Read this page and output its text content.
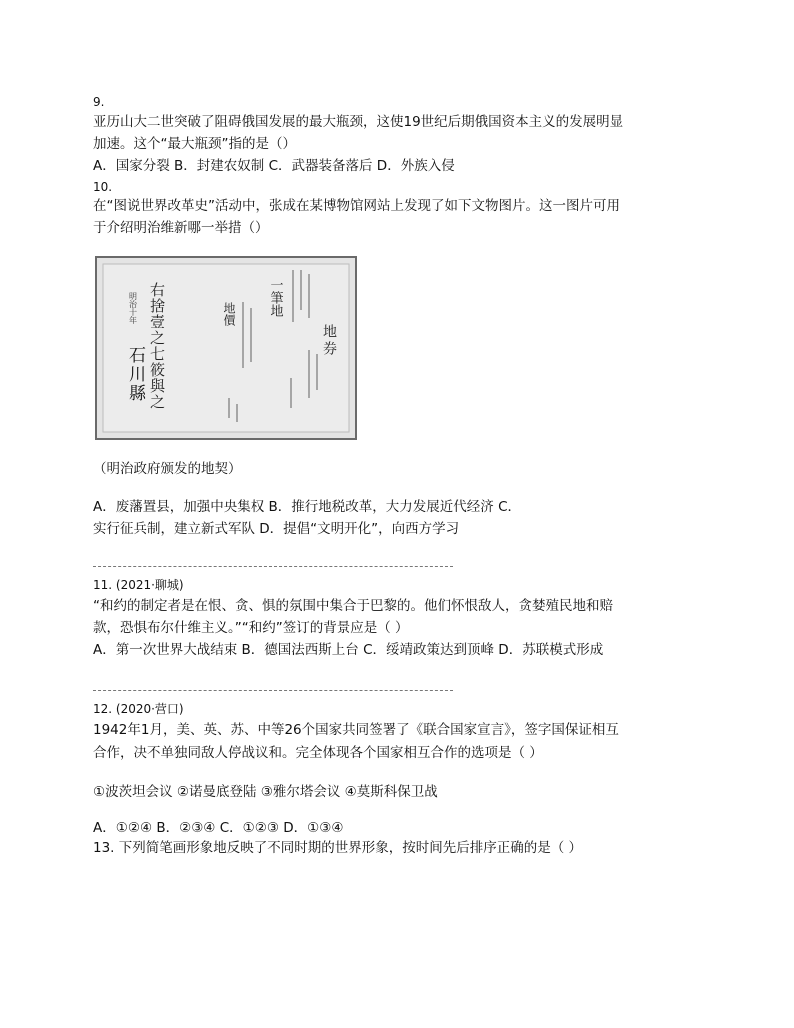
9.
亚历山大二世突破了阻碍俄国发展的最大瓶颈，这使19世纪后期俄国资本主义的发展明显
加速。这个“最大瓶颈”指的是（）
A．国家分裂 B．封建农奴制 C．武器装备落后 D．外族入侵
10.
在“图说世界改革史”活动中，张成在某博物馆网站上发现了如下文物图片。这一图片可用
于介绍明治维新哪一举措（）
右捨壹之七筱與之
明治十年
石川縣
地價 一筆地
地券
（明治政府颁发的地契）
A．废藩置县，加强中央集权 B．推行地税改革，大力发展近代经济 C．
实行征兵制，建立新式军队 D．提倡“文明开化”，向西方学习
11. (2021·聊城)
“和约的制定者是在恨、贪、惧的氛围中集合于巴黎的。他们怀恨敌人，贪婪殖民地和赔
款，恐惧布尔什维主义。”“和约”签订的背景应是（ ）
A．第一次世界大战结束 B．德国法西斯上台 C．绥靖政策达到顶峰 D．苏联模式形成
12. (2020·营口)
1942年1月，美、英、苏、中等26个国家共同签署了《联合国家宣言》，签字国保证相互
合作，决不单独同敌人停战议和。完全体现各个国家相互合作的选项是（ ）
①波茨坦会议 ②诺曼底登陆 ③雅尔塔会议 ④莫斯科保卫战
A．①②④ B．②③④ C．①②③ D．①③④
13. 下列简笔画形象地反映了不同时期的世界形象，按时间先后排序正确的是（ ）
